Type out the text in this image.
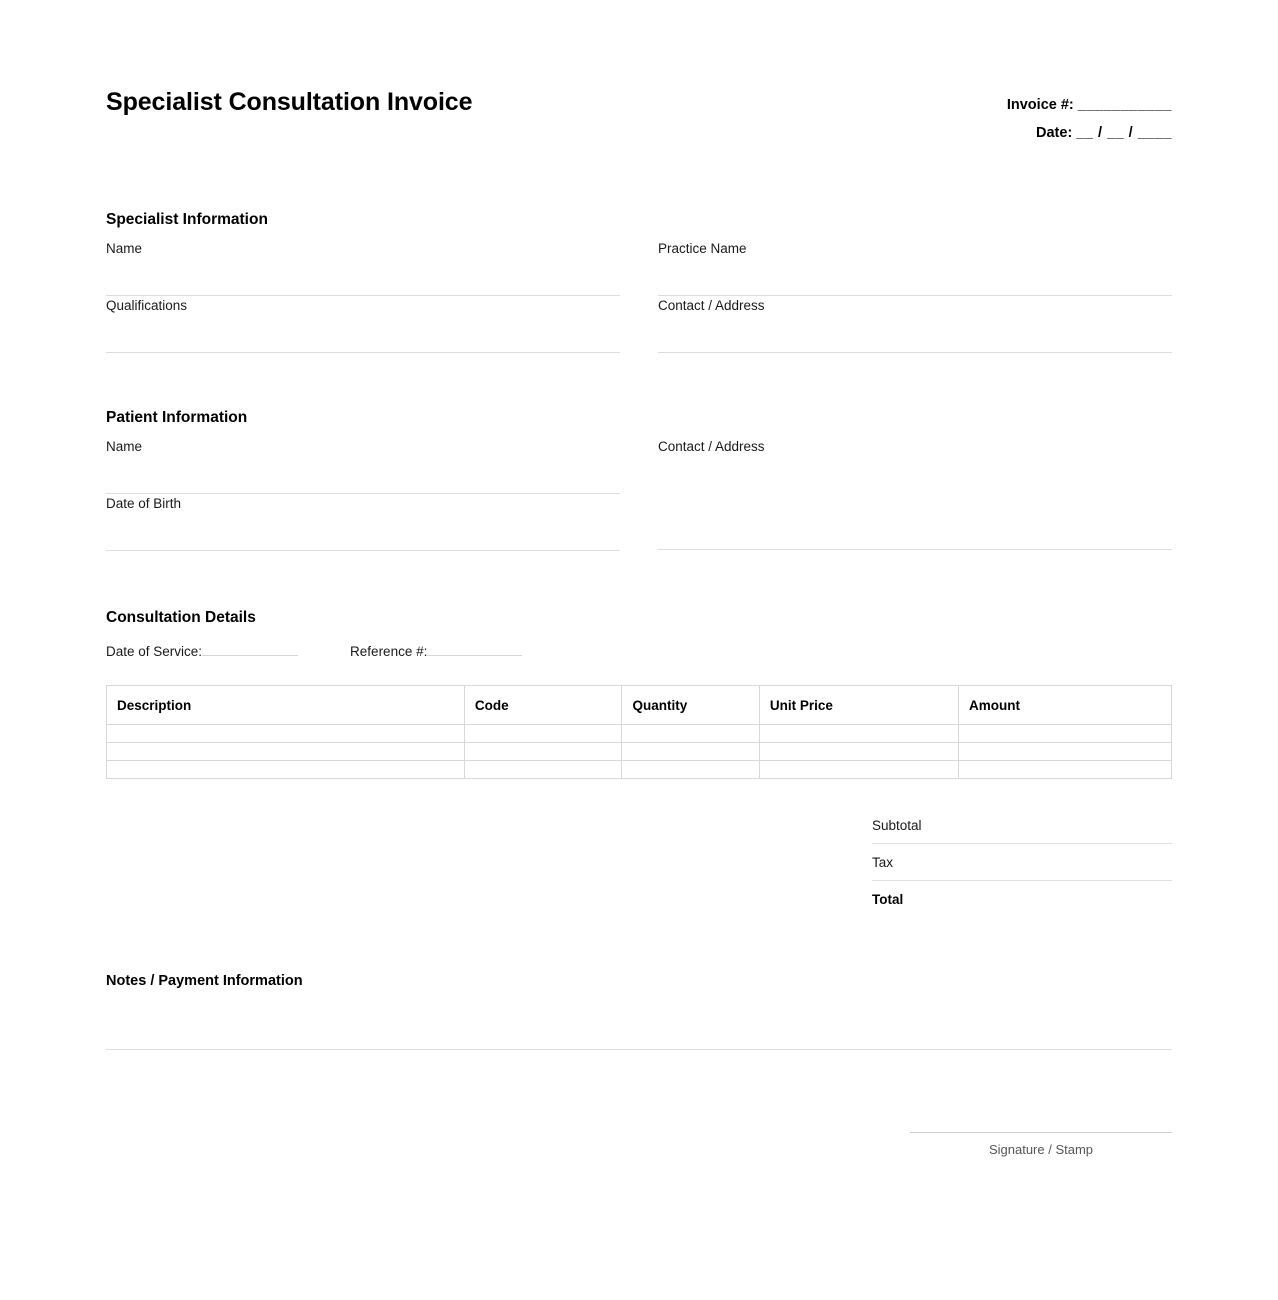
Specialist Consultation Invoice	Invoice #: ___________
Date: __ / __ / ____
Specialist Information
Name
Qualifications
Practice Name
Contact / Address
Patient Information
Name
Date of Birth
Contact / Address
Consultation Details
Date of Service:	Reference #:
Description	Code	Quantity	Unit Price	Amount

Subtotal
Tax
Total
Notes / Payment Information
Signature / Stamp
